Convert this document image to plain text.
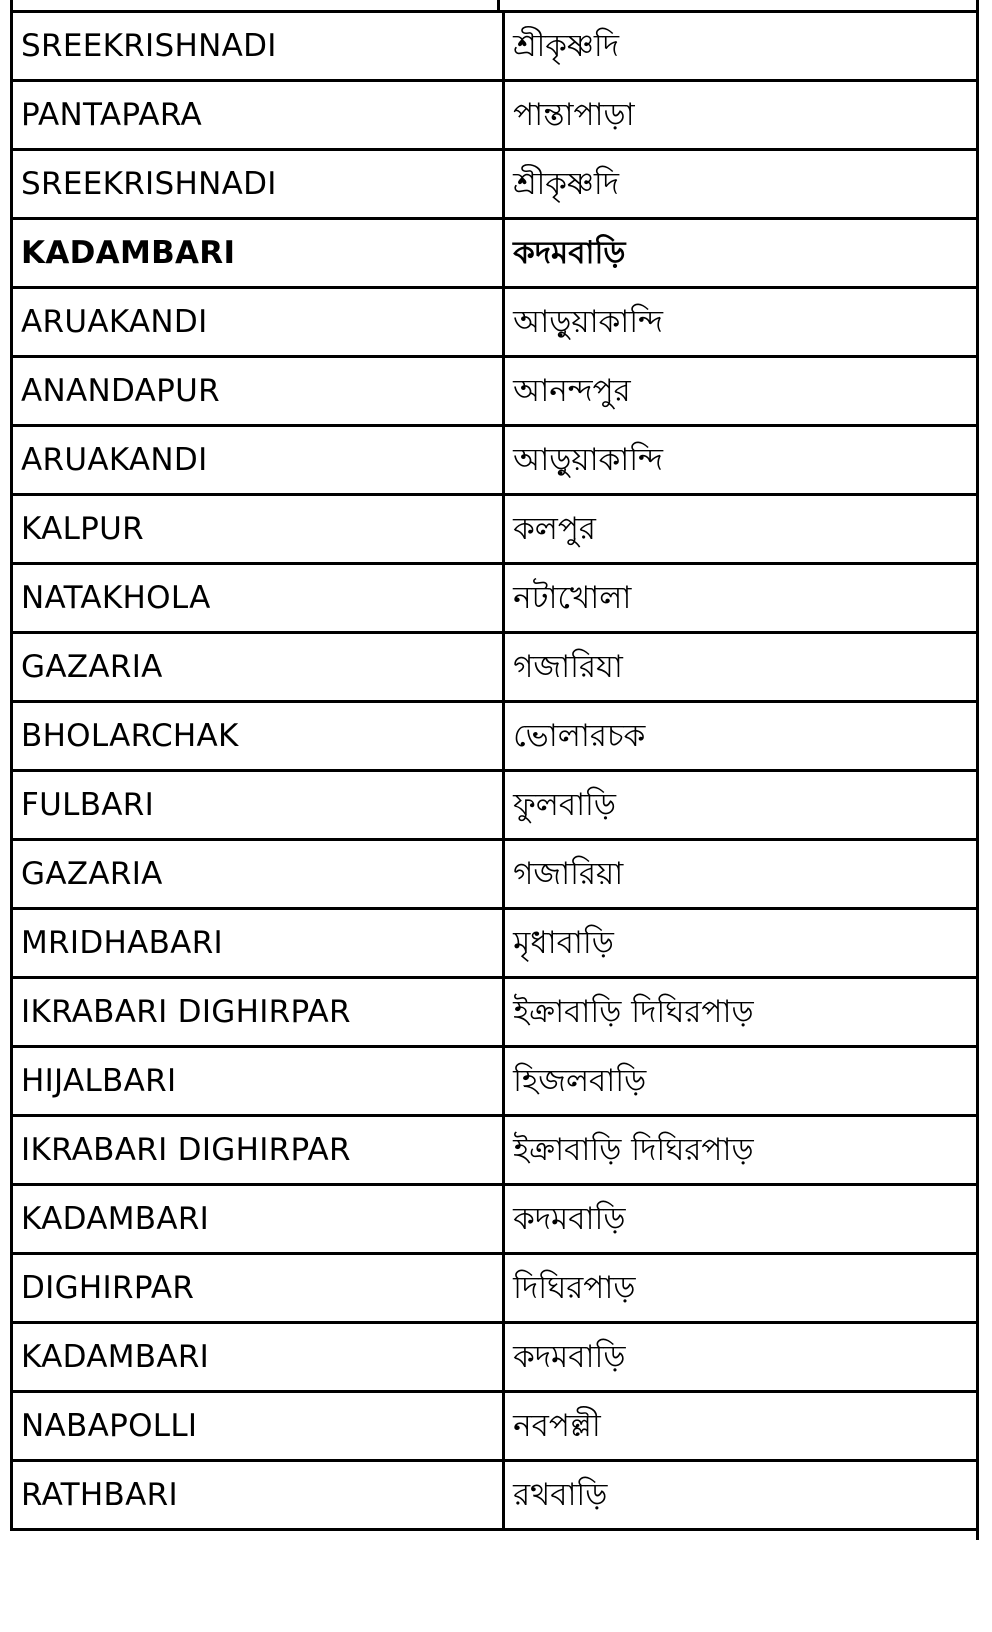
SREEKRISHNADI	শ্রীকৃষ্ণদি
PANTAPARA	পান্তাপাড়া
SREEKRISHNADI	শ্রীকৃষ্ণদি
KADAMBARI	কদমবাড়ি
ARUAKANDI	আড়ুয়াকান্দি
ANANDAPUR	আনন্দপুর
ARUAKANDI	আড়ুয়াকান্দি
KALPUR	কলপুর
NATAKHOLA	নটাখোলা
GAZARIA	গজারিযা
BHOLARCHAK	ভোলারচক
FULBARI	ফুলবাড়ি
GAZARIA	গজারিয়া
MRIDHABARI	মৃধাবাড়ি
IKRABARI DIGHIRPAR	ইক্রাবাড়ি দিঘিরপাড়
HIJALBARI	হিজলবাড়ি
IKRABARI DIGHIRPAR	ইক্রাবাড়ি দিঘিরপাড়
KADAMBARI	কদমবাড়ি
DIGHIRPAR	দিঘিরপাড়
KADAMBARI	কদমবাড়ি
NABAPOLLI	নবপল্লী
RATHBARI	রথবাড়ি
